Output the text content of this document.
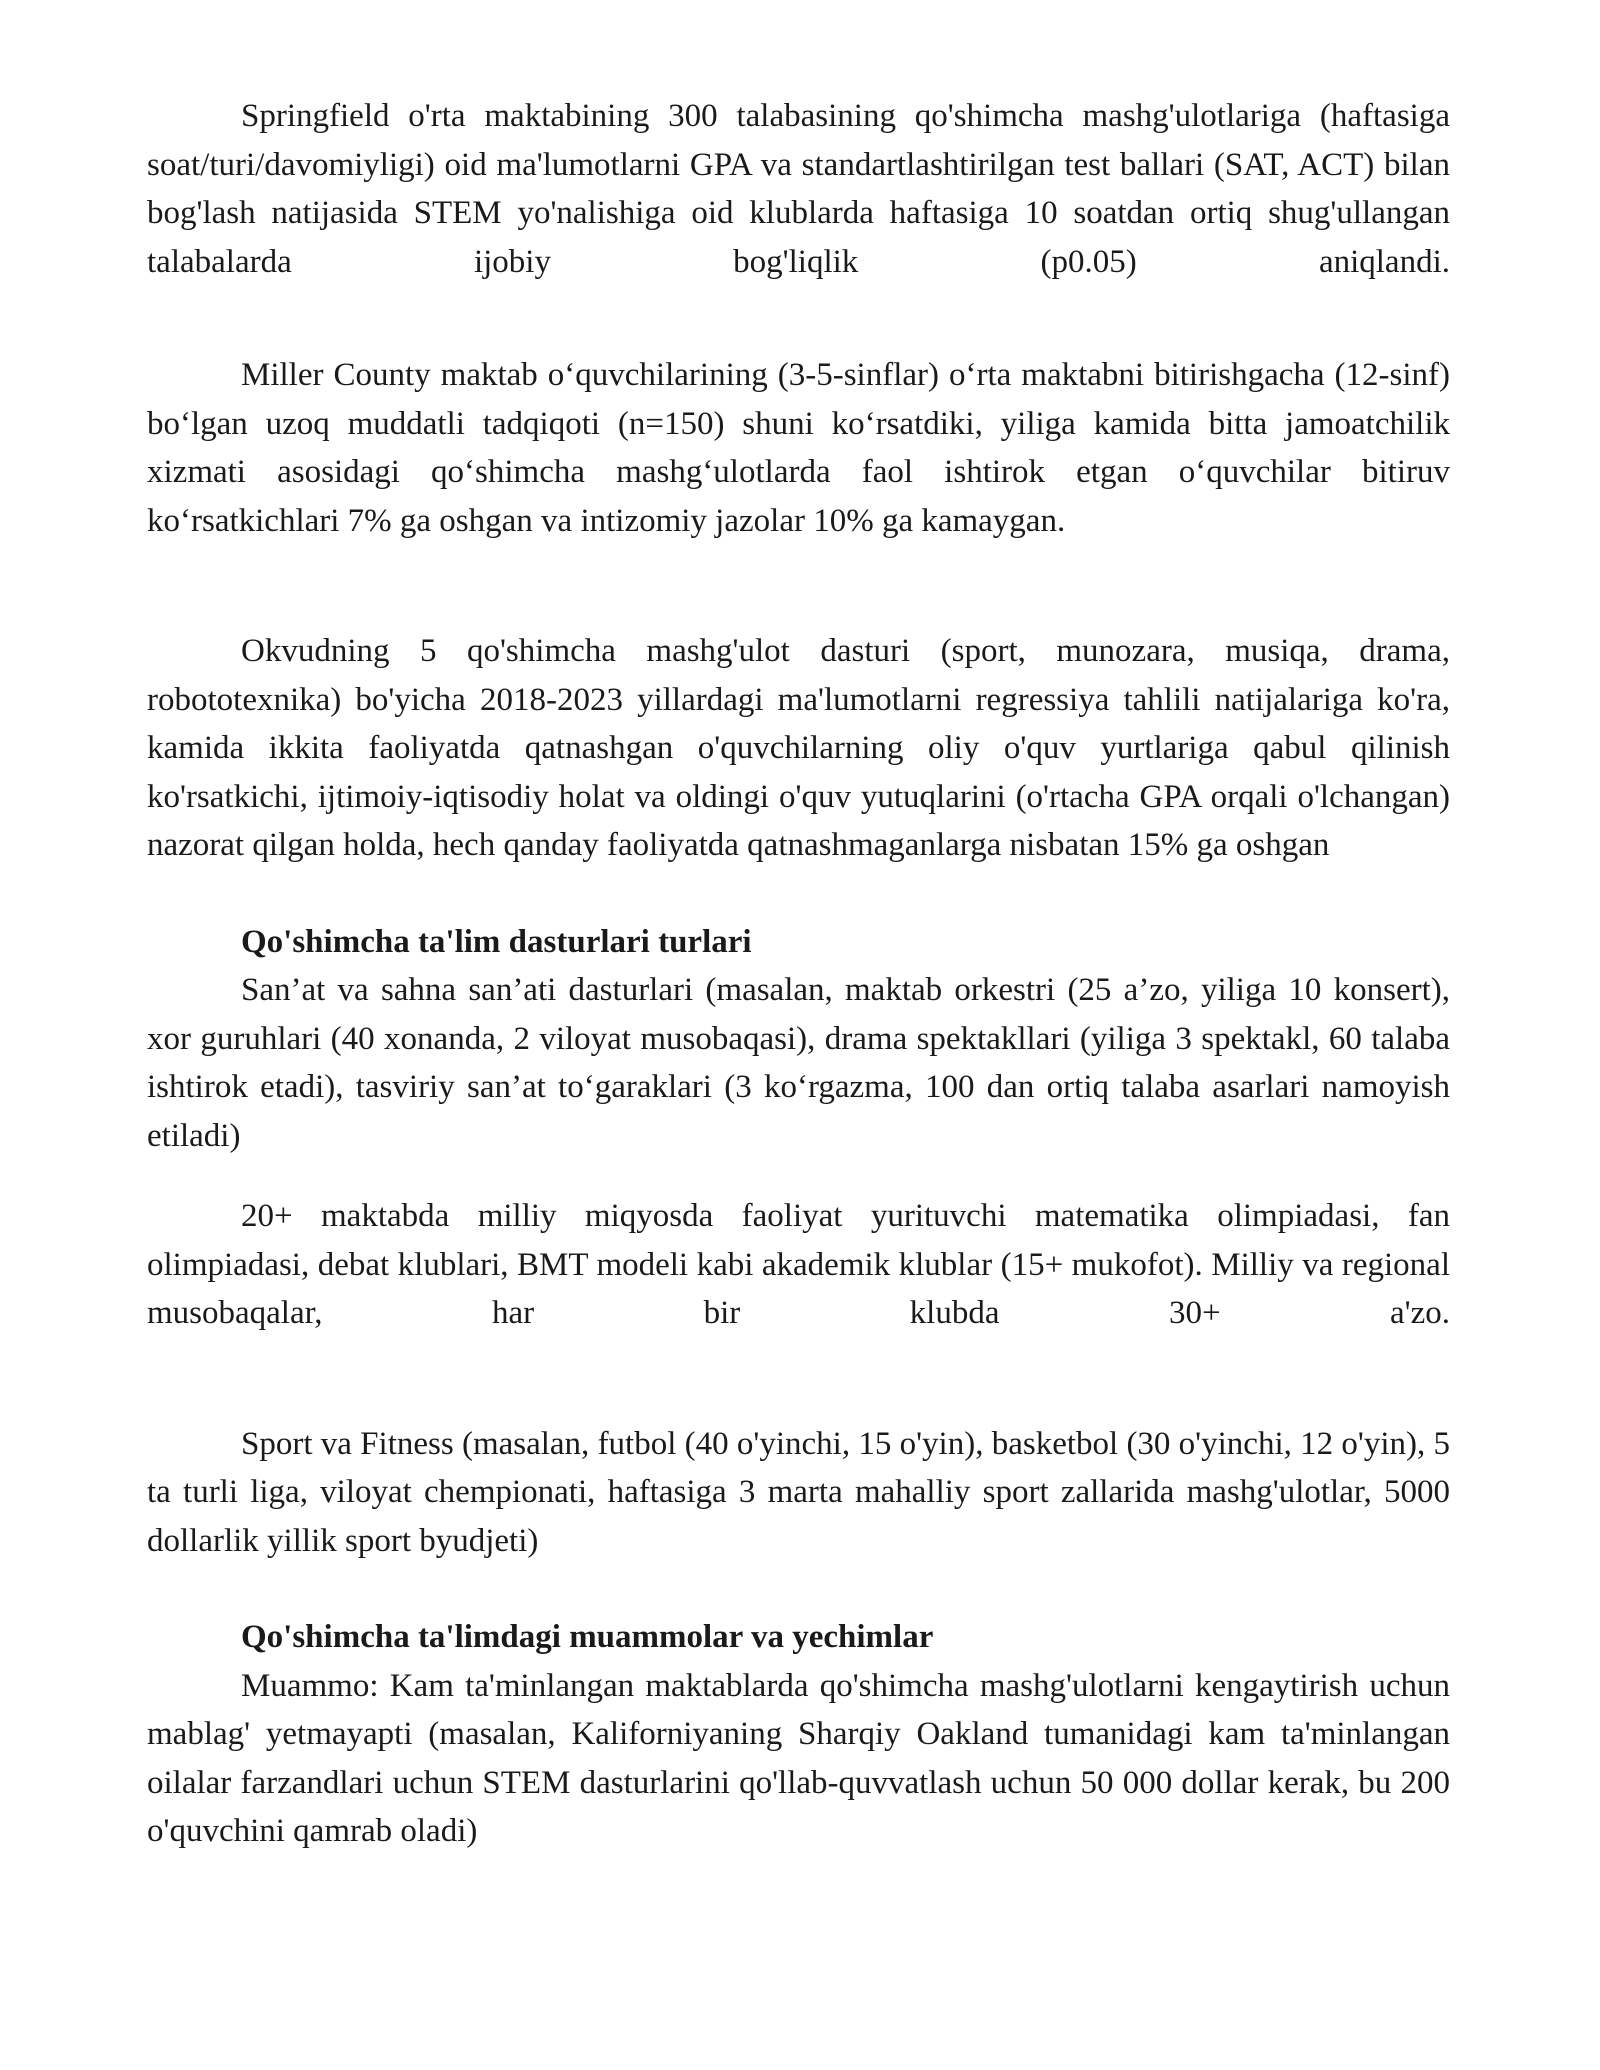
Springfield o'rta maktabining 300 talabasining qo'shimcha mashg'ulotlariga (haftasiga soat/turi/davomiyligi) oid ma'lumotlarni GPA va standartlashtirilgan test ballari (SAT, ACT) bilan bog'lash natijasida STEM yo'nalishiga oid klublarda haftasiga 10 soatdan ortiq shug'ullangan talabalarda ijobiy bog'liqlik (p0.05) aniqlandi.

Miller County maktab o‘quvchilarining (3-5-sinflar) o‘rta maktabni bitirishgacha (12-sinf) bo‘lgan uzoq muddatli tadqiqoti (n=150) shuni ko‘rsatdiki, yiliga kamida bitta jamoatchilik xizmati asosidagi qo‘shimcha mashg‘ulotlarda faol ishtirok etgan o‘quvchilar bitiruv ko‘rsatkichlari 7% ga oshgan va intizomiy jazolar 10% ga kamaygan.

Okvudning 5 qo'shimcha mashg'ulot dasturi (sport, munozara, musiqa, drama, robototexnika) bo'yicha 2018-2023 yillardagi ma'lumotlarni regressiya tahlili natijalariga ko'ra, kamida ikkita faoliyatda qatnashgan o'quvchilarning oliy o'quv yurtlariga qabul qilinish ko'rsatkichi, ijtimoiy-iqtisodiy holat va oldingi o'quv yutuqlarini (o'rtacha GPA orqali o'lchangan) nazorat qilgan holda, hech qanday faoliyatda qatnashmaganlarga nisbatan 15% ga oshgan

Qo'shimcha ta'lim dasturlari turlari

San’at va sahna san’ati dasturlari (masalan, maktab orkestri (25 a’zo, yiliga 10 konsert), xor guruhlari (40 xonanda, 2 viloyat musobaqasi), drama spektakllari (yiliga 3 spektakl, 60 talaba ishtirok etadi), tasviriy san’at to‘garaklari (3 ko‘rgazma, 100 dan ortiq talaba asarlari namoyish etiladi)

20+ maktabda milliy miqyosda faoliyat yurituvchi matematika olimpiadasi, fan olimpiadasi, debat klublari, BMT modeli kabi akademik klublar (15+ mukofot). Milliy va regional musobaqalar, har bir klubda 30+ a'zo.

Sport va Fitness (masalan, futbol (40 o'yinchi, 15 o'yin), basketbol (30 o'yinchi, 12 o'yin), 5 ta turli liga, viloyat chempionati, haftasiga 3 marta mahalliy sport zallarida mashg'ulotlar, 5000 dollarlik yillik sport byudjeti)

Qo'shimcha ta'limdagi muammolar va yechimlar

Muammo: Kam ta'minlangan maktablarda qo'shimcha mashg'ulotlarni kengaytirish uchun mablag' yetmayapti (masalan, Kaliforniyaning Sharqiy Oakland tumanidagi kam ta'minlangan oilalar farzandlari uchun STEM dasturlarini qo'llab-quvvatlash uchun 50 000 dollar kerak, bu 200 o'quvchini qamrab oladi)
